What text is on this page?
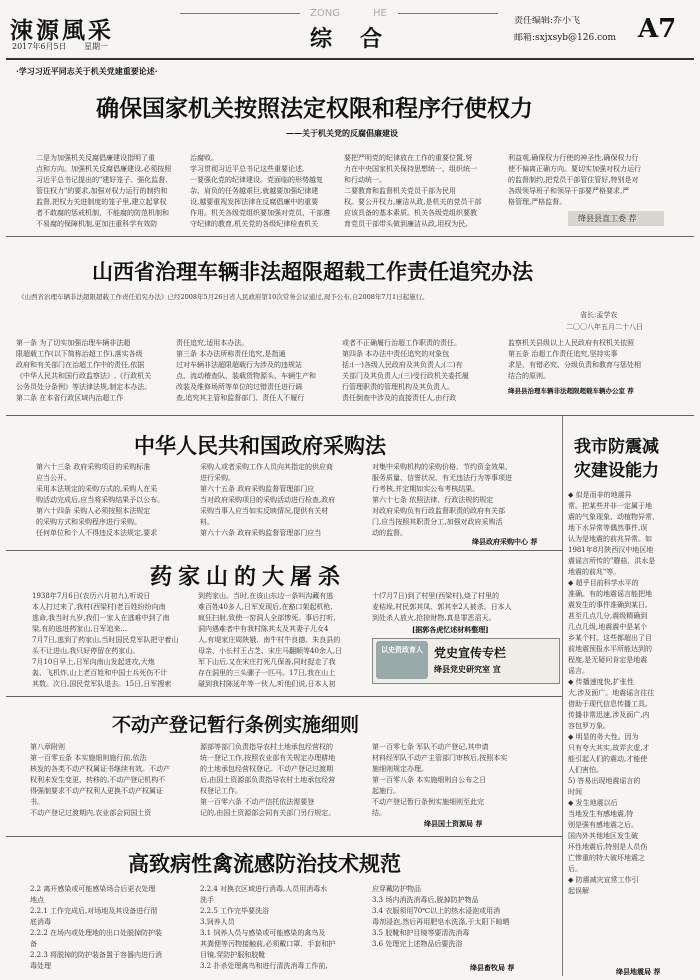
涑源風采
2017年6月5日 星期一
ZONG	HE
综合
责任编辑:乔小飞
邮箱:sxjxsyb@126.com A7
·学习习近平同志关于机关党建重要论述·
确保国家机关按照法定权限和程序行使权力
——关于机关党的反腐倡廉建设
二是为加强机关反腐倡廉建设指明了重
点和方向。加强机关反腐倡廉建设,必须按照
习近平总书记提出的"建好笼子、强化监督、
管住权力"的要求,加强对权力运行的制约和
监督,把权力关进制度的笼子里,建立起掌权
者不敢腐的惩戒机制、不能腐的防范机制和
不易腐的保障机制,更加注重科学有效防
治腐败。
学习贯彻习近平总书记这些重要论述,
一要强化党的纪律建设。党面临的形势越复
杂、肩负的任务越艰巨,就越要加强纪律建
设,越要重视发挥法律在反腐倡廉中的重要
作用。机关各级党组织要加强对党员、干部遵
守纪律的教育,机关党的各级纪律检查机关
要把严明党的纪律放在工作的重要位置,努
力在中央国家机关保持思想统一、组织统一
和行动统一。
二要教育和监督机关党员干部为民用
权。要公开权力,廉洁从政,是机关的党员干部
应该具备的基本素质。机关各级党组织要教
育党员干部带头做到廉洁从政,用权为民,
利益观,确保权力行使的神圣性,确保权力行
使不偏离正确方向。要切实加强对权力运行
的监督制约,把党员干部管住管好,特别是对
各级领导班子和领导干部要严格要求,严
格管理,严格监督。
绛县县直工委 荐
山西省治理车辆非法超限超载工作责任追究办法
《山西省治理车辆非法超限超载工作责任追究办法》已经2008年5月26日省人民政府第10次常务会议通过,现予公布,自2008年7月1日起施行。
省长:孟学农
二〇〇八年五月二十八日
第一条 为了切实加强治理车辆非法超
限超载工作(以下简称治超工作),落实各级
政府和有关部门在治超工作中的责任,依据
《中华人民共和国行政监察法》,《行政机关
公务员处分条例》等法律法规,制定本办法。
第二条 在本省行政区域内治超工作
责任追究,适用本办法。
第三条 本办法所称责任追究,是指通
过对车辆非法超限超载行为涉及的违规站
点、流动稽查队、装载货物源头、车辆生产和
改装及维修场所等单位的过错责任进行调
查,追究其主管和监督部门、责任人不履行
或者不正确履行治超工作职责的责任。
第四条 本办法中责任追究的对象包
括:(一)各级人民政府及其负责人;(二)有
关部门及其负责人;(三)受行政机关委托履
行管理职责的管理机构及其负责人。
责任倒查中涉及的直接责任人,由行政
监察机关县级以上人民政府有权机关依照
第五条 治超工作责任追究,坚持实事
求是、有错必究、分级负责和教育与惩处相
结合的原则。
绛县县治理车辆非法超限超载车辆办公室 荐
中华人民共和国政府采购法
第六十三条 政府采购项目的采购标准
应当公开。
采用本法规定的采购方式的,采购人在采
购活动完成后,应当将采购结果予以公布。
第六十四条 采购人必须按照本法规定
的采购方式和采购程序进行采购。
任何单位和个人不得违反本法规定,要求
采购人或者采购工作人员向其指定的供应商
进行采购。
第六十五条 政府采购监督管理部门应
当对政府采购项目的采购活动进行检查,政府
采购当事人应当如实反映情况,提供有关材
料。
第六十六条 政府采购监督管理部门应当
对集中采购机构的采购价格、节约资金效果、
服务质量、信誉状况、有无违法行为等事项进
行考核,并定期如实公布考核结果。
第六十七条 依照法律、行政法规的规定
对政府采购负有行政监督职责的政府有关部
门,应当按照其职责分工,加强对政府采购活
动的监督。
绛县政府采购中心 荐
药家山的大屠杀
1938年7月6日(农历六月初九),听说日
本人打过来了,我村(西梁村)老百姓纷纷向南
逃命,我当时九岁,我们一家人在逃难中到了南
梁,有的逃进药家山,日军追来...
7月7日,逃到了药家山,当时国民党军队把守着山
头不让进山,我只好停留在药家山。
7月10日早上,日军向南山发起进攻,大炮
轰、飞机炸,山上老百姓和中国士兵死伤不计
其数。次日,国民党军队退去。15日,日军搜索
到药家山。当时,在该山东边一条叫沟藏有逃
难百姓40多人,日军发现后,在豁口架起机枪,
疯狂扫射,致使一窑洞人全部惨死。事后打听,
洞内遇难者中有我村陈其太及其妻子儿女4
人,有堤家庄周陕娥、南牛村牛良德、朱良县的
母亲、小长村王占芝、宋庄马翻顺等40余人,日
军下山后,又在宋庄打死几保善,同时捉走了我
存在洞里的三头骡子一匹马。17日,我在山上
碰到我村陈延年等一伙人,听他们说,日本人初
十(7月7日)到了村里(西梁村),烧了村里的
麦秸垛,村民郭其凤、郭其幸2人被杀。日本人
到处杀人放火,抢掠财物,真是罪恶滔天。
[据郭各虎忆述材料整理]
以史资政育人 党史宣传专栏
绛县党史研究室 宣
不动产登记暂行条例实施细则
第八章附则
第一百零五条 本实施细则施行前,依法
核发的各类不动产权属证书继续有效。不动产
权利未发生变更、转移的,不动产登记机构不
得强制要求不动产权利人更换不动产权属证
书。
不动产登记过渡期内,农业部会同国土资
源部等部门负责指导农村土地承包经营权的
统一登记工作,按照农业部有关规定办理耕地
的土地承包经营权登记。不动产登记过渡期
后,由国土资源部负责指导农村土地承包经营
权登记工作。
第一百零六条 不动产信托依法需要登
记的,由国土资源部会同有关部门另行规定。
第一百零七条 军队不动产登记,其申请
材料经军队不动产主管部门审核后,按照本实
施细则规定办理。
第一百零八条 本实施细则自公布之日
起施行。
不动产登记暂行条例实施细则至此完
结。
绛县国土资源局 荐
高致病性禽流感防治技术规范
2.2 离开感染或可能感染场合后更衣处理
地点
2.2.1 工作完成后,对场地及其设备进行彻
底消毒
2.2.2 在场内或处理地的出口处脱掉防护装
备
2.2.3 将脱掉的防护装备置于容器内进行消
毒处理
2.2.4 对换衣区域进行消毒,人员用消毒水
洗手
2.2.5 工作完毕要洗浴
3.饲养人员
3.1 饲养人员与感染或可能感染的禽鸟及
其粪便等污物接触前,必须戴口罩、手套和护
目镜,穿防护服和胶靴
3.2 扑杀处理禽鸟和进行清洗消毒工作前,
应穿戴防护物品
3.3 场内消洗消毒后,脱掉防护物品
3.4 衣服须用70℃以上的热水浸泡或用消
毒剂浸泡,然后再用肥皂水洗涤,于太阳下晾晒
3.5 胶靴和护目镜等要清洗消毒
3.6 处理完上述物品后要洗浴
绛县畜牧局 荐
我市防震减
灾建设能力
◆ 似是而非的地震异
常。把某些并非一定属于地
震的气象现象、动植物异常、
地下水异常等偶然事件,误
认为是地震的前兆异常。如
1981年8月陕西汉中地区地
震谣言所传的"蘑菇、洪水是
地震的前兆"等。
◆ 超乎目前科学水平的
准确。有的地震谣言能把地
震发生的事件准确到某日,
甚至几点几分,震级精确到
几点几级,地震震中是某个
乡某个村。这些都超出了目
前地震预报水平所能达到的
程度,是无疑问肯定是地震
谣言。
◆ 传播速度快,扩张性
大,涉及面广。地震谣言往往
借助于现代信息传播工具,
传播非常迅速,涉及面广,内
容包罗万象。
◆ 明显的务大性。因为
只有夸大其实,故弄玄虚,才
能引起人们的震动,才能使
人们害怕。
5) 答易出现地震谣言的
时间
◆ 发生地震以后
当地发生有感地震,特
别是强有感地震之后。
国内外其他地区发生破
坏性地震后,特别是人员伤
亡惨重的特大破坏地震之
后。
◆ 防震减灾宣常工作引
起误解
绛县地震局 荐
